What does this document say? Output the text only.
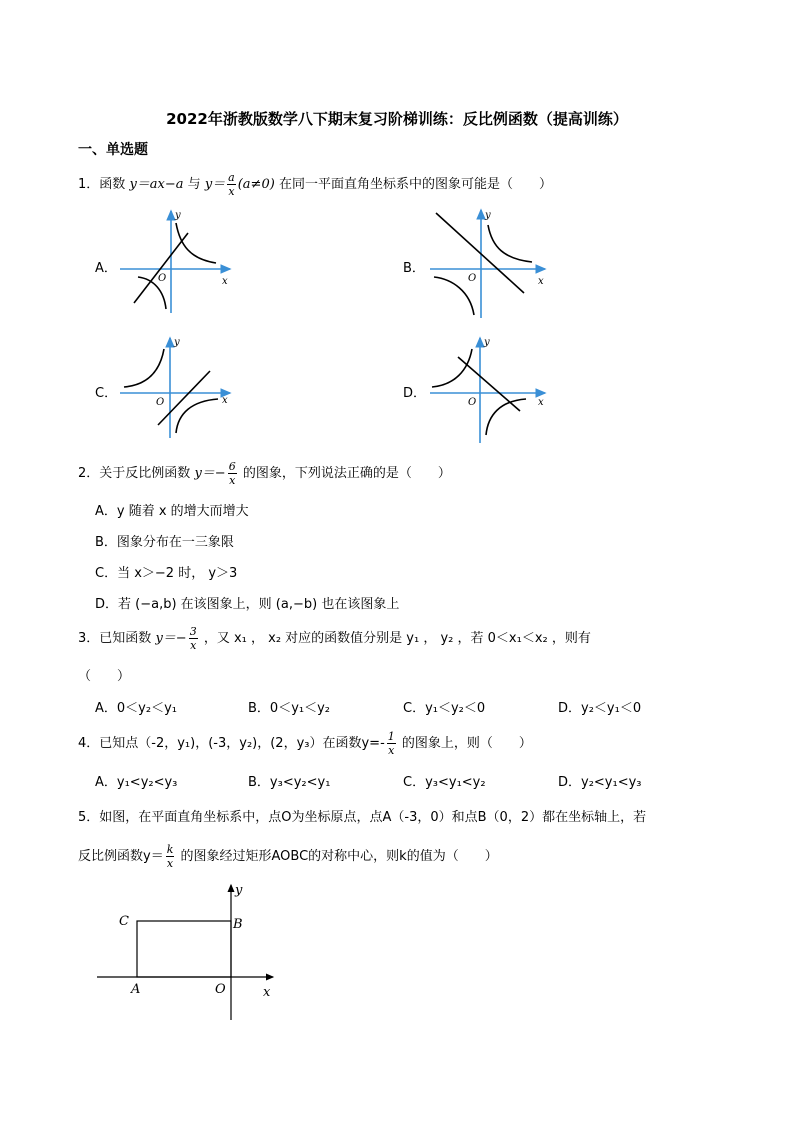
2022年浙教版数学八下期末复习阶梯训练：反比例函数（提高训练）
一、单选题
1．函数 y＝ax−a 与 $y= \frac{a}{x} (a\ne 0)$ 在同一平面直角坐标系中的图象可能是（　　）
A．	B．
C．	D．
x
y
O	x
y
O
x
y
O	x
y
O
2．关于反比例函数 $y=- \frac{6}{x}$ 的图象，下列说法正确的是（　　）
A．y 随着 x 的增大而增大
B．图象分布在一三象限
C．当 x＞−2 时， y＞3
D．若 (−a,b) 在该图象上，则 (a,−b) 也在该图象上
3．已知函数 $y=- \frac{3}{x}$ ，又 x₁ ， x₂ 对应的函数值分别是 y₁ ， y₂ ，若 0＜x₁＜x₂ ，则有
（　　）
A．0＜y₂＜y₁	B．0＜y₁＜y₂	C．y₁＜y₂＜0	D．y₂＜y₁＜0
4．已知点（-2，y₁)，(-3，y₂)，(2，y₃）在函数$y=- \frac{1}{x}$ 的图象上，则（　　）
A．y₁<y₂<y₃	B．y₃<y₂<y₁	C．y₃<y₁<y₂	D．y₂<y₁<y₃
5．如图，在平面直角坐标系中，点O为坐标原点，点A（-3，0）和点B（0，2）都在坐标轴上，若
反比例函数$y= \frac{k}{x}$ 的图象经过矩形AOBC的对称中心，则k的值为（　　）
C	B
A	O	x
y
